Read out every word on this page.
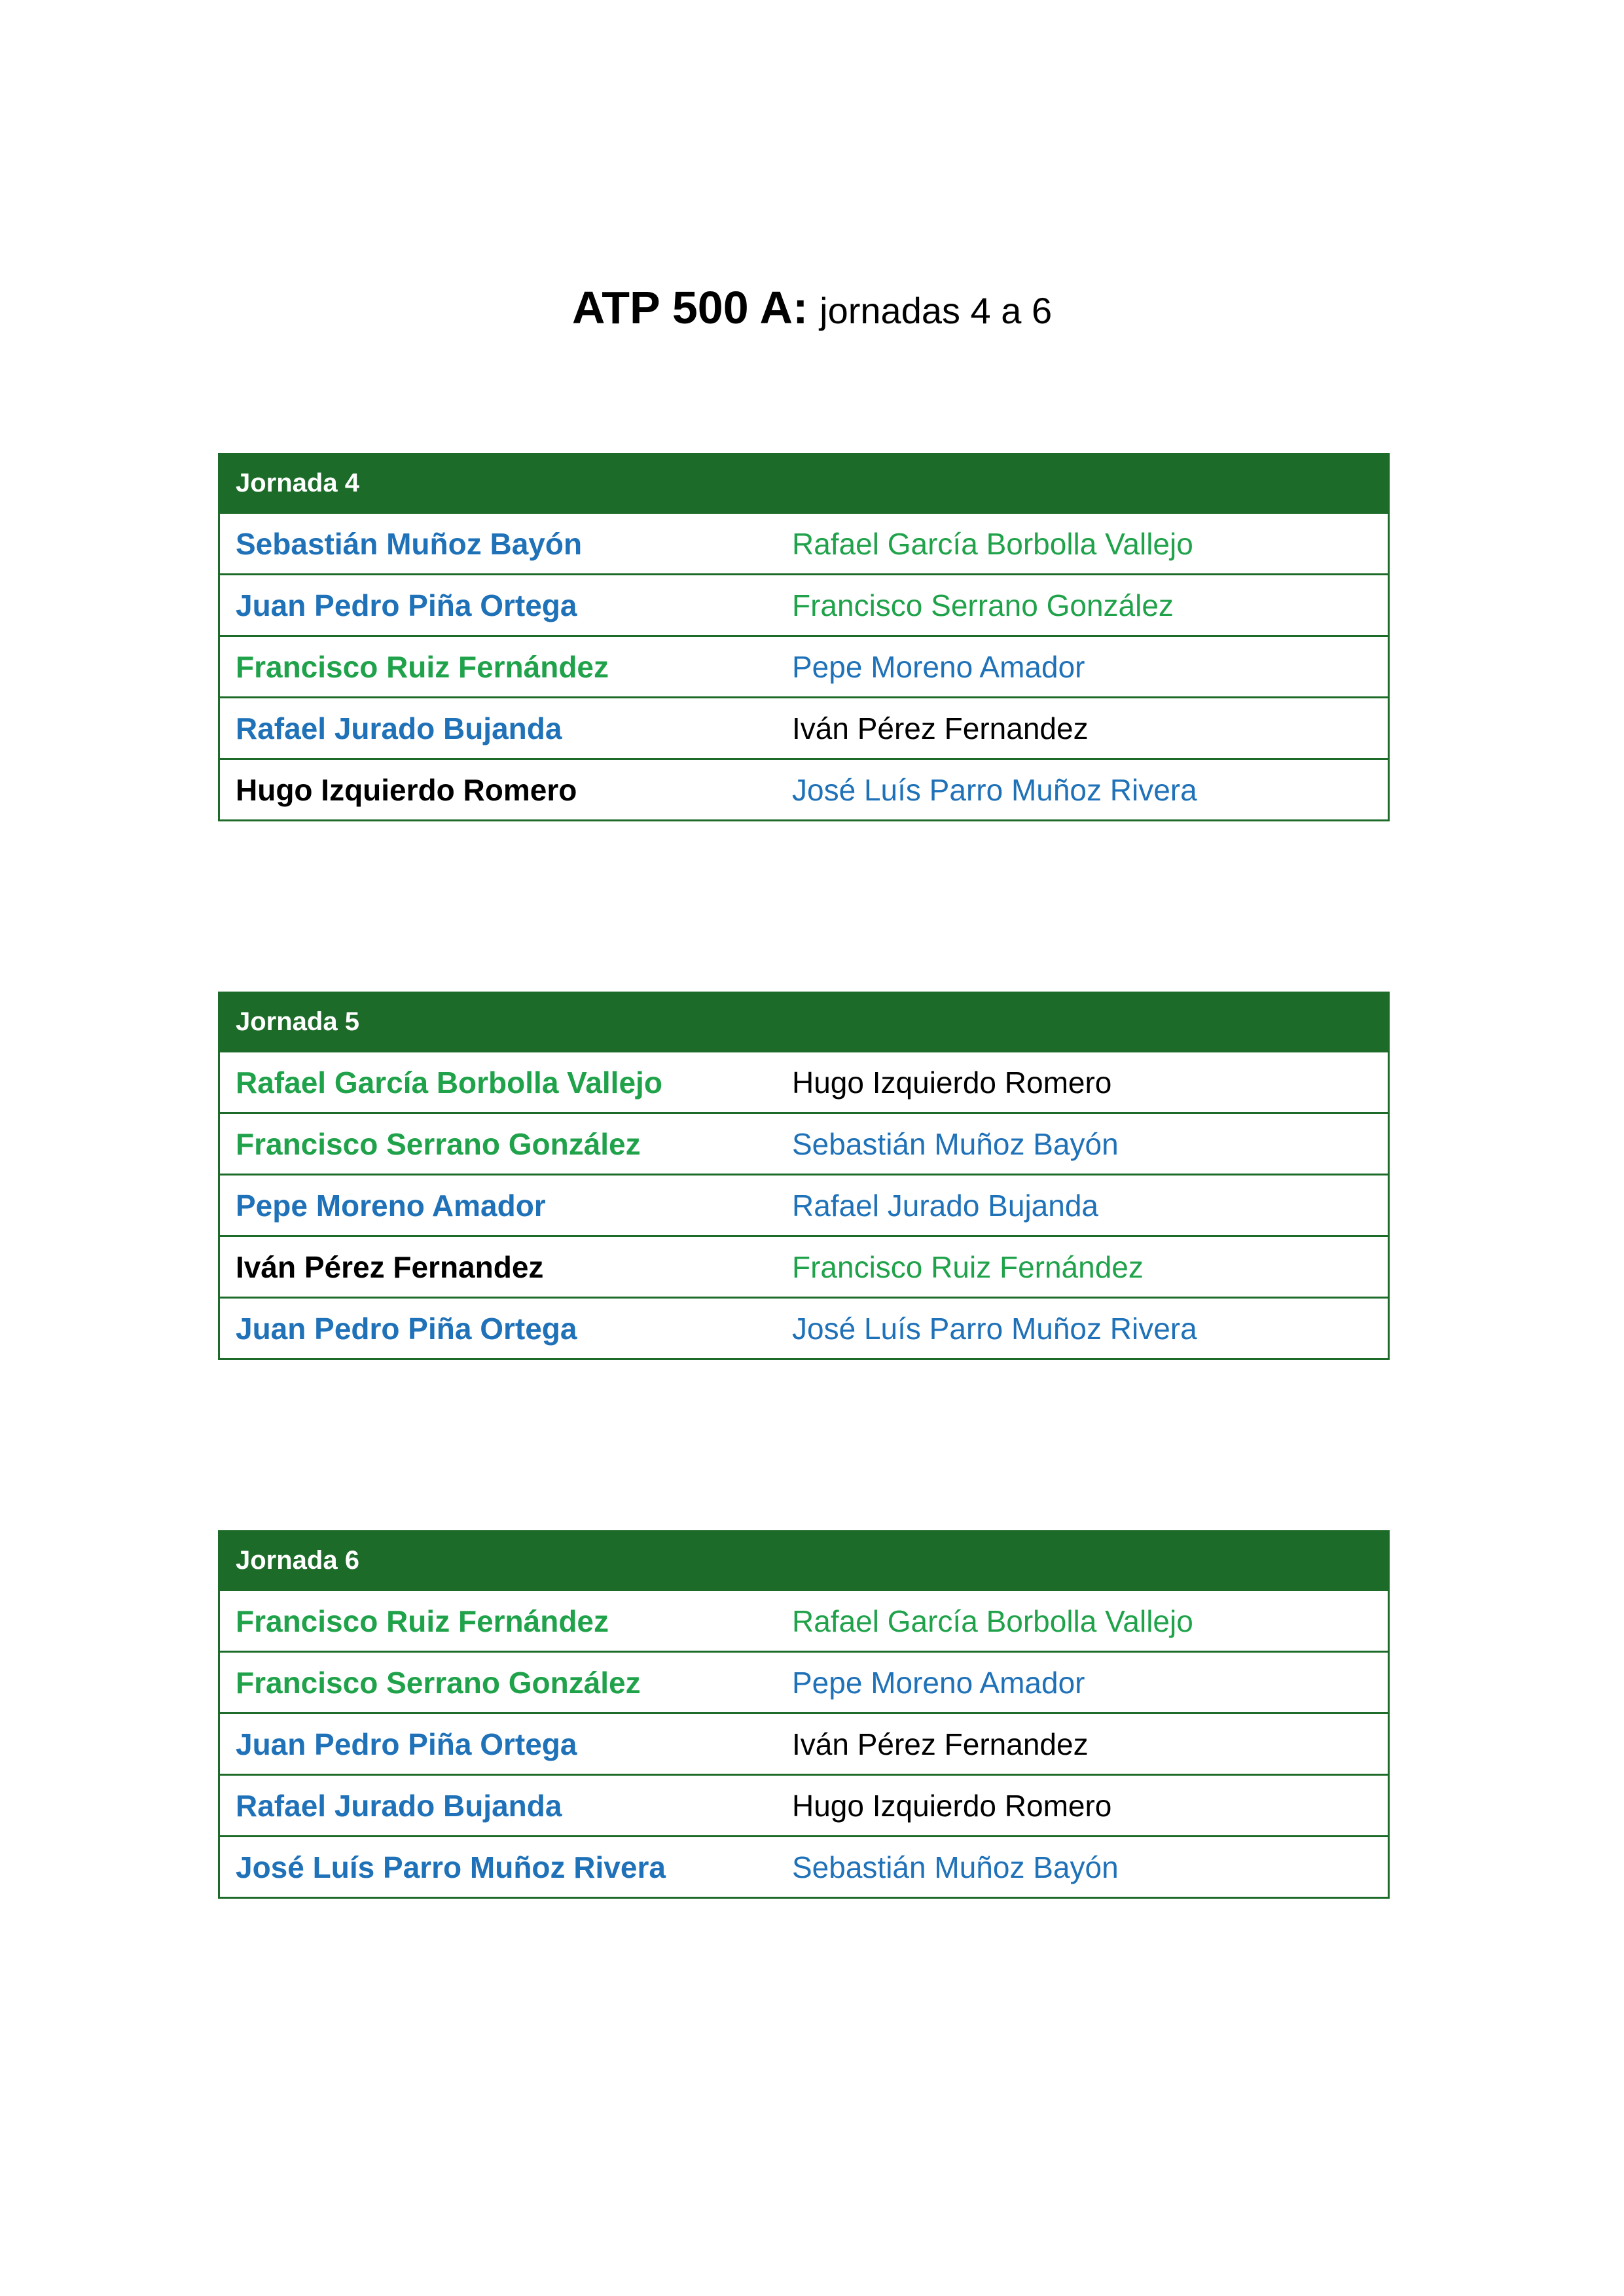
ATP 500 A: jornadas 4 a 6
Jornada 4
Sebastián Muñoz Bayón	Rafael García Borbolla Vallejo
Juan Pedro Piña Ortega	Francisco Serrano González
Francisco Ruiz Fernández	Pepe Moreno Amador
Rafael Jurado Bujanda	Iván Pérez Fernandez
Hugo Izquierdo Romero	José Luís Parro Muñoz Rivera
Jornada 5
Rafael García Borbolla Vallejo	Hugo Izquierdo Romero
Francisco Serrano González	Sebastián Muñoz Bayón
Pepe Moreno Amador	Rafael Jurado Bujanda
Iván Pérez Fernandez	Francisco Ruiz Fernández
Juan Pedro Piña Ortega	José Luís Parro Muñoz Rivera
Jornada 6
Francisco Ruiz Fernández	Rafael García Borbolla Vallejo
Francisco Serrano González	Pepe Moreno Amador
Juan Pedro Piña Ortega	Iván Pérez Fernandez
Rafael Jurado Bujanda	Hugo Izquierdo Romero
José Luís Parro Muñoz Rivera	Sebastián Muñoz Bayón
